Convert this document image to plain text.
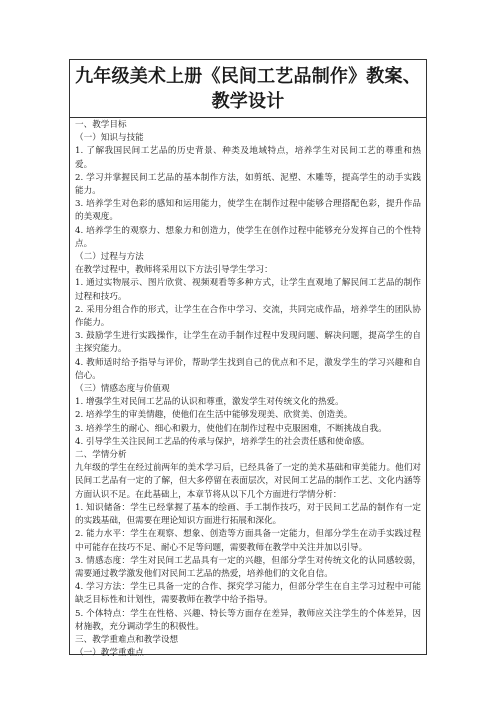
九年级美术上册《民间工艺品制作》教案、

教学设计

一、教学目标

（一）知识与技能

1. 了解我国民间工艺品的历史背景、种类及地域特点，培养学生对民间工艺的尊重和热爱。

2. 学习并掌握民间工艺品的基本制作方法，如剪纸、泥塑、木雕等，提高学生的动手实践能力。

3. 培养学生对色彩的感知和运用能力，使学生在制作过程中能够合理搭配色彩，提升作品的美观度。

4. 培养学生的观察力、想象力和创造力，使学生在创作过程中能够充分发挥自己的个性特点。

（二）过程与方法

在教学过程中，教师将采用以下方法引导学生学习：

1. 通过实物展示、图片欣赏、视频观看等多种方式，让学生直观地了解民间工艺品的制作过程和技巧。

2. 采用分组合作的形式，让学生在合作中学习、交流，共同完成作品，培养学生的团队协作能力。

3. 鼓励学生进行实践操作，让学生在动手制作过程中发现问题、解决问题，提高学生的自主探究能力。

4. 教师适时给予指导与评价，帮助学生找到自己的优点和不足，激发学生的学习兴趣和自信心。

（三）情感态度与价值观

1. 增强学生对民间工艺品的认识和尊重，激发学生对传统文化的热爱。

2. 培养学生的审美情趣，使他们在生活中能够发现美、欣赏美、创造美。

3. 培养学生的耐心、细心和毅力，使他们在制作过程中克服困难，不断挑战自我。

4. 引导学生关注民间工艺品的传承与保护，培养学生的社会责任感和使命感。

二、学情分析

九年级的学生在经过前两年的美术学习后，已经具备了一定的美术基础和审美能力。他们对民间工艺品有一定的了解，但大多停留在表面层次，对民间工艺品的制作工艺、文化内涵等方面认识不足。在此基础上，本章节将从以下几个方面进行学情分析：

1. 知识储备：学生已经掌握了基本的绘画、手工制作技巧，对于民间工艺品的制作有一定的实践基础，但需要在理论知识方面进行拓展和深化。

2. 能力水平：学生在观察、想象、创造等方面具备一定能力，但部分学生在动手实践过程中可能存在技巧不足、耐心不足等问题，需要教师在教学中关注并加以引导。

3. 情感态度：学生对民间工艺品具有一定的兴趣，但部分学生对传统文化的认同感较弱，需要通过教学激发他们对民间工艺品的热爱，培养他们的文化自信。

4. 学习方法：学生已具备一定的合作、探究学习能力，但部分学生在自主学习过程中可能缺乏目标性和计划性，需要教师在教学中给予指导。

5. 个体特点：学生在性格、兴趣、特长等方面存在差异，教师应关注学生的个体差异，因材施教，充分调动学生的积极性。

三、教学重难点和教学设想

（一）教学重难点
